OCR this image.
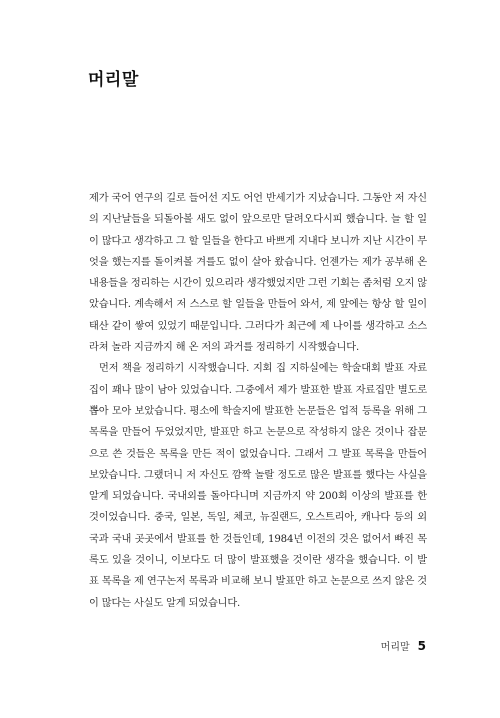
머리말

제가 국어 연구의 길로 들어선 지도 어언 반세기가 지났습니다. 그동안 저 자신의 지난날들을 되돌아볼 새도 없이 앞으로만 달려오다시피 했습니다. 늘 할 일이 많다고 생각하고 그 할 일들을 한다고 바쁘게 지내다 보니까 지난 시간이 무엇을 했는지를 돌이켜볼 겨를도 없이 살아 왔습니다. 언젠가는 제가 공부해 온 내용들을 정리하는 시간이 있으리라 생각했었지만 그런 기회는 좀처럼 오지 않았습니다. 계속해서 저 스스로 할 일들을 만들어 와서, 제 앞에는 항상 할 일이 태산 같이 쌓여 있었기 때문입니다. 그러다가 최근에 제 나이를 생각하고 소스라쳐 놀라 지금까지 해 온 저의 과거를 정리하기 시작했습니다.

먼저 책을 정리하기 시작했습니다. 지회 집 지하실에는 학술대회 발표 자료집이 꽤나 많이 남아 있었습니다. 그중에서 제가 발표한 발표 자료집만 별도로 뽑아 모아 보았습니다. 평소에 학술지에 발표한 논문들은 업적 등록을 위해 그 목록을 만들어 두었었지만, 발표만 하고 논문으로 작성하지 않은 것이나 잡문으로 쓴 것들은 목록을 만든 적이 없었습니다. 그래서 그 발표 목록을 만들어 보았습니다. 그랬더니 저 자신도 깜짝 놀랄 정도로 많은 발표를 했다는 사실을 알게 되었습니다. 국내외를 돌아다니며 지금까지 약 200회 이상의 발표를 한 것이었습니다. 중국, 일본, 독일, 체코, 뉴질랜드, 오스트리아, 캐나다 등의 외국과 국내 곳곳에서 발표를 한 것들인데, 1984년 이전의 것은 없어서 빠진 목록도 있을 것이니, 이보다도 더 많이 발표했을 것이란 생각을 했습니다. 이 발표 목록을 제 연구논저 목록과 비교해 보니 발표만 하고 논문으로 쓰지 않은 것이 많다는 사실도 알게 되었습니다.

머리말 5
